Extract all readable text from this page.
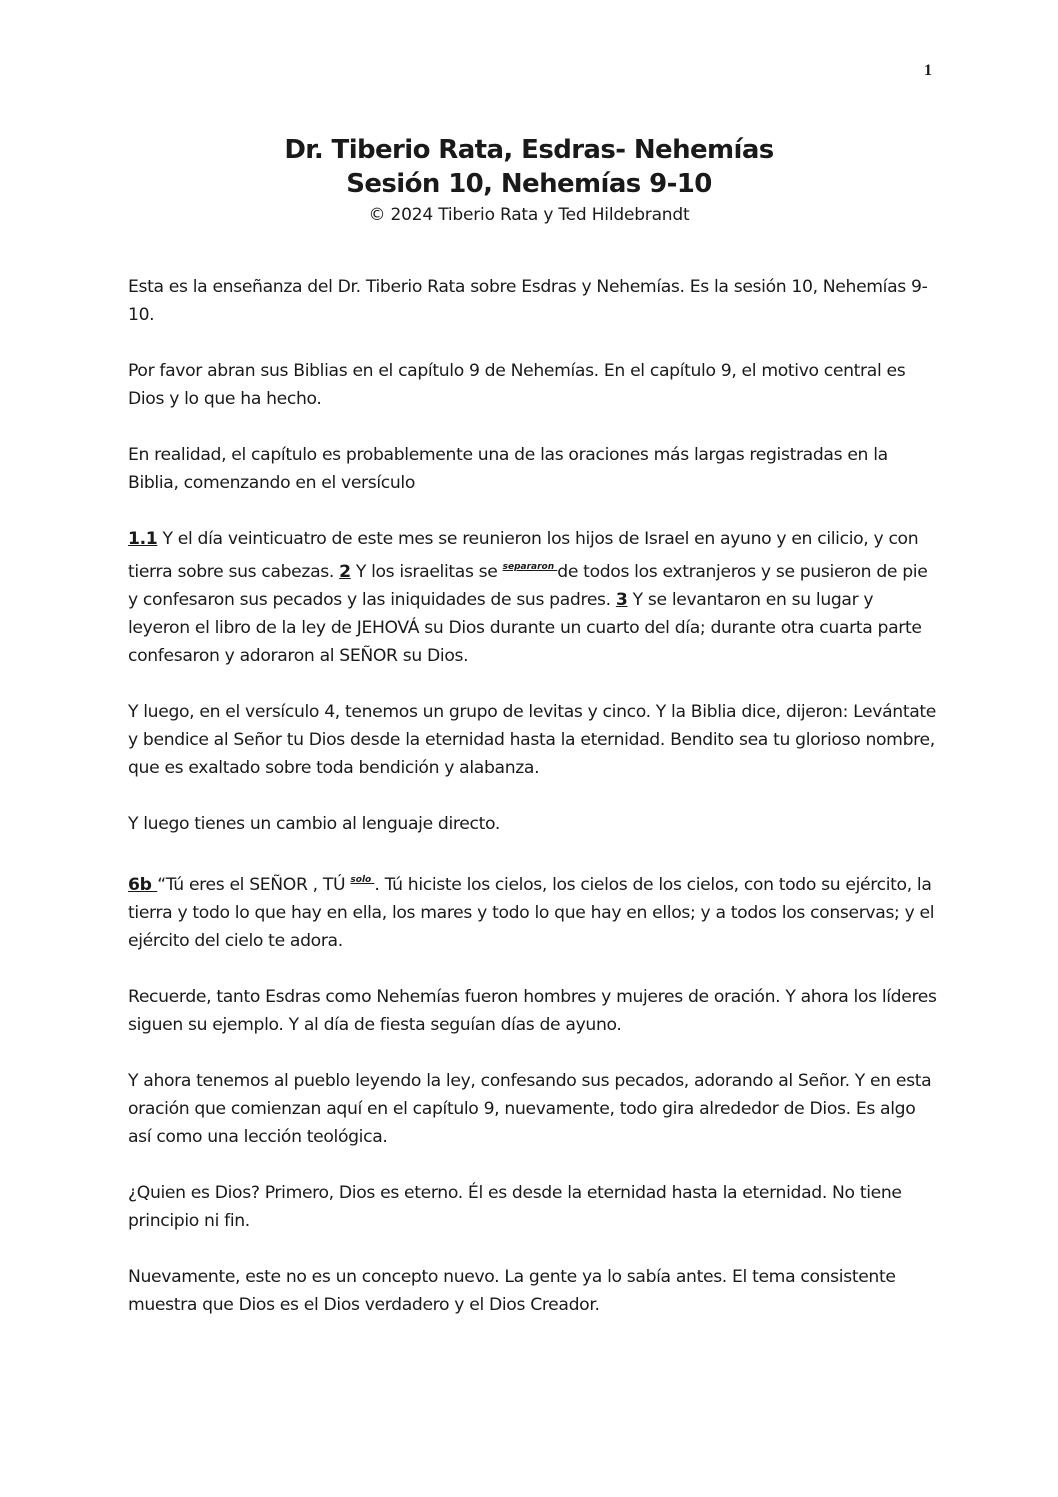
1
Dr. Tiberio Rata, Esdras- Nehemías
Sesión 10, Nehemías 9-10
© 2024 Tiberio Rata y Ted Hildebrandt

Esta es la enseñanza del Dr. Tiberio Rata sobre Esdras y Nehemías. Es la sesión 10, Nehemías 9-10.

Por favor abran sus Biblias en el capítulo 9 de Nehemías. En el capítulo 9, el motivo central es Dios y lo que ha hecho.

En realidad, el capítulo es probablemente una de las oraciones más largas registradas en la Biblia, comenzando en el versículo

1.1 Y el día veinticuatro de este mes se reunieron los hijos de Israel en ayuno y en cilicio, y con tierra sobre sus cabezas. 2 Y los israelitas se $^{separaron}$ de todos los extranjeros y se pusieron de pie y confesaron sus pecados y las iniquidades de sus padres. 3 Y se levantaron en su lugar y leyeron el libro de la ley de JEHOVÁ su Dios durante un cuarto del día; durante otra cuarta parte confesaron y adoraron al SEÑOR su Dios.

Y luego, en el versículo 4, tenemos un grupo de levitas y cinco. Y la Biblia dice, dijeron: Levántate y bendice al Señor tu Dios desde la eternidad hasta la eternidad. Bendito sea tu glorioso nombre, que es exaltado sobre toda bendición y alabanza.

Y luego tienes un cambio al lenguaje directo.

6b “Tú eres el SEÑOR , TÚ $^{solo}$ . Tú hiciste los cielos, los cielos de los cielos, con todo su ejército, la tierra y todo lo que hay en ella, los mares y todo lo que hay en ellos; y a todos los conservas; y el ejército del cielo te adora.

Recuerde, tanto Esdras como Nehemías fueron hombres y mujeres de oración. Y ahora los líderes siguen su ejemplo. Y al día de fiesta seguían días de ayuno.

Y ahora tenemos al pueblo leyendo la ley, confesando sus pecados, adorando al Señor. Y en esta oración que comienzan aquí en el capítulo 9, nuevamente, todo gira alrededor de Dios. Es algo así como una lección teológica.

¿Quien es Dios? Primero, Dios es eterno. Él es desde la eternidad hasta la eternidad. No tiene principio ni fin.

Nuevamente, este no es un concepto nuevo. La gente ya lo sabía antes. El tema consistente muestra que Dios es el Dios verdadero y el Dios Creador.
